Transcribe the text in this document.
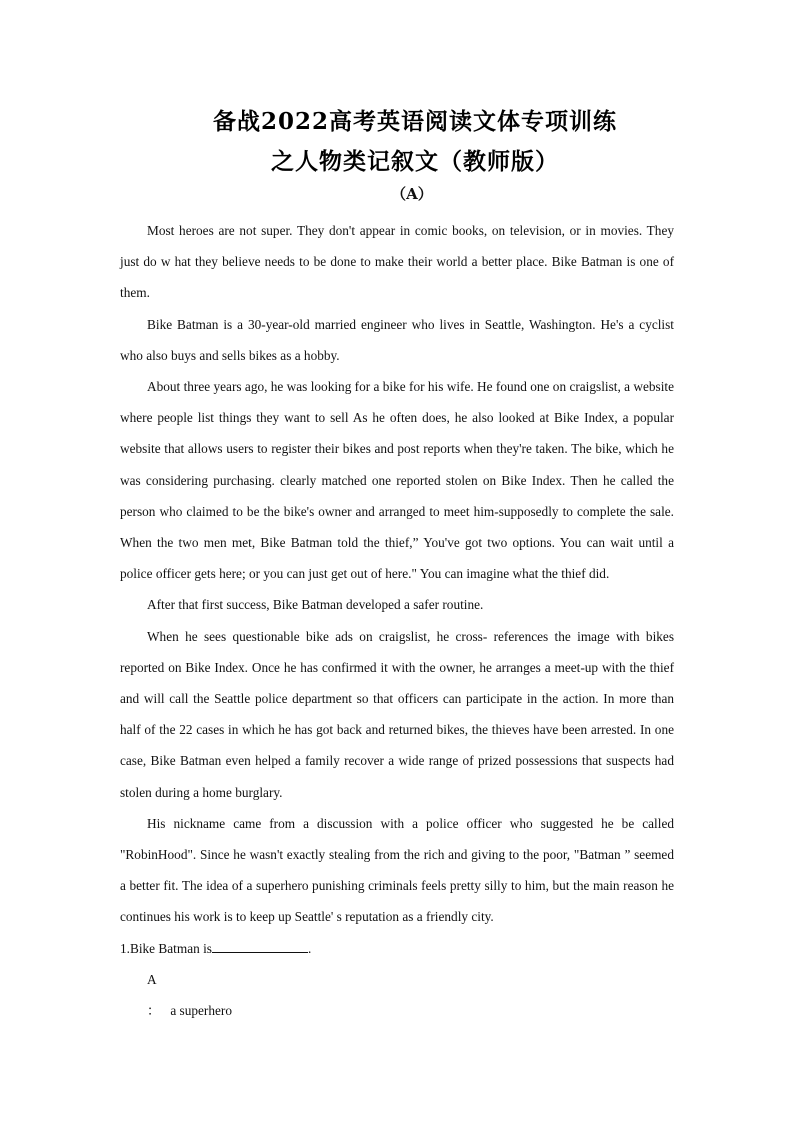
备战2022高考英语阅读文体专项训练
之人物类记叙文（教师版）
（A）

Most heroes are not super. They don't appear in comic books, on television, or in movies. They just do w hat they believe needs to be done to make their world a better place. Bike Batman is one of them.

Bike Batman is a 30-year-old married engineer who lives in Seattle, Washington. He's a cyclist who also buys and sells bikes as a hobby.

About three years ago, he was looking for a bike for his wife. He found one on craigslist, a website where people list things they want to sell As he often does, he also looked at Bike Index, a popular website that allows users to register their bikes and post reports when they're taken. The bike, which he was considering purchasing. clearly matched one reported stolen on Bike Index. Then he called the person who claimed to be the bike's owner and arranged to meet him-supposedly to complete the sale. When the two men met, Bike Batman told the thief,” You've got two options. You can wait until a police officer gets here; or you can just get out of here." You can imagine what the thief did.

After that first success, Bike Batman developed a safer routine.

When he sees questionable bike ads on craigslist, he cross- references the image with bikes reported on Bike Index. Once he has confirmed it with the owner, he arranges a meet-up with the thief and will call the Seattle police department so that officers can participate in the action. In more than half of the 22 cases in which he has got back and returned bikes, the thieves have been arrested. In one case, Bike Batman even helped a family recover a wide range of prized possessions that suspects had stolen during a home burglary.

His nickname came from a discussion with a police officer who suggested he be called "RobinHood". Since he wasn't exactly stealing from the rich and giving to the poor, "Batman ” seemed a better fit. The idea of a superhero punishing criminals feels pretty silly to him, but the main reason he continues his work is to keep up Seattle' s reputation as a friendly city.

1.Bike Batman is	.
A ： a superhero
